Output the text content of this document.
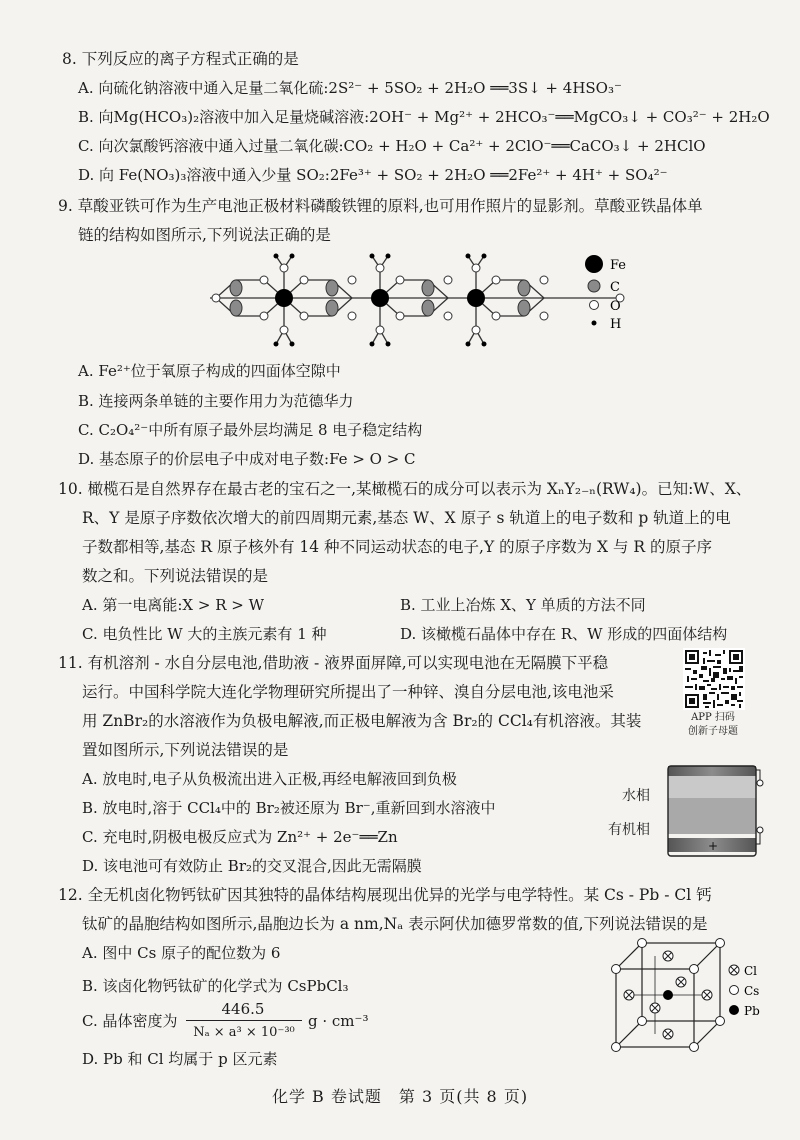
8. 下列反应的离子方程式正确的是
A. 向硫化钠溶液中通入足量二氧化硫:2S²⁻ + 5SO₂ + 2H₂O ══3S↓ + 4HSO₃⁻
B. 向Mg(HCO₃)₂溶液中加入足量烧碱溶液:2OH⁻ + Mg²⁺ + 2HCO₃⁻══MgCO₃↓ + CO₃²⁻ + 2H₂O
C. 向次氯酸钙溶液中通入过量二氧化碳:CO₂ + H₂O + Ca²⁺ + 2ClO⁻══CaCO₃↓ + 2HClO
D. 向 Fe(NO₃)₃溶液中通入少量 SO₂:2Fe³⁺ + SO₂ + 2H₂O ══2Fe²⁺ + 4H⁺ + SO₄²⁻
9. 草酸亚铁可作为生产电池正极材料磷酸铁锂的原料,也可用作照片的显影剂。草酸亚铁晶体单
链的结构如图所示,下列说法正确的是
Fe
C
O
H
A. Fe²⁺位于氧原子构成的四面体空隙中
B. 连接两条单链的主要作用力为范德华力
C. C₂O₄²⁻中所有原子最外层均满足 8 电子稳定结构
D. 基态原子的价层电子中成对电子数:Fe > O > C
10. 橄榄石是自然界存在最古老的宝石之一,某橄榄石的成分可以表示为 XₙY₂₋ₙ(RW₄)。已知:W、X、
R、Y 是原子序数依次增大的前四周期元素,基态 W、X 原子 s 轨道上的电子数和 p 轨道上的电
子数都相等,基态 R 原子核外有 14 种不同运动状态的电子,Y 的原子序数为 X 与 R 的原子序
数之和。下列说法错误的是
A. 第一电离能:X > R > W	B. 工业上冶炼 X、Y 单质的方法不同
C. 电负性比 W 大的主族元素有 1 种	D. 该橄榄石晶体中存在 R、W 形成的四面体结构
11. 有机溶剂 - 水自分层电池,借助液 - 液界面屏障,可以实现电池在无隔膜下平稳
运行。中国科学院大连化学物理研究所提出了一种锌、溴自分层电池,该电池采
用 ZnBr₂的水溶液作为负极电解液,而正极电解液为含 Br₂的 CCl₄有机溶液。其装
置如图所示,下列说法错误的是
APP 扫码
创新子母题
+
水相
有机相
A. 放电时,电子从负极流出进入正极,再经电解液回到负极
B. 放电时,溶于 CCl₄中的 Br₂被还原为 Br⁻,重新回到水溶液中
C. 充电时,阴极电极反应式为 Zn²⁺ + 2e⁻══Zn
D. 该电池可有效防止 Br₂的交叉混合,因此无需隔膜
12. 全无机卤化物钙钛矿因其独特的晶体结构展现出优异的光学与电学特性。某 Cs - Pb - Cl 钙
钛矿的晶胞结构如图所示,晶胞边长为 a nm,Nₐ 表示阿伏加德罗常数的值,下列说法错误的是
A. 图中 Cs 原子的配位数为 6
B. 该卤化物钙钛矿的化学式为 CsPbCl₃
C. 晶体密度为
446.5
Nₐ × a³ × 10⁻³⁰
g · cm⁻³
D. Pb 和 Cl 均属于 p 区元素
Cl
Cs
Pb
化学 B 卷试题　第 3 页(共 8 页)
